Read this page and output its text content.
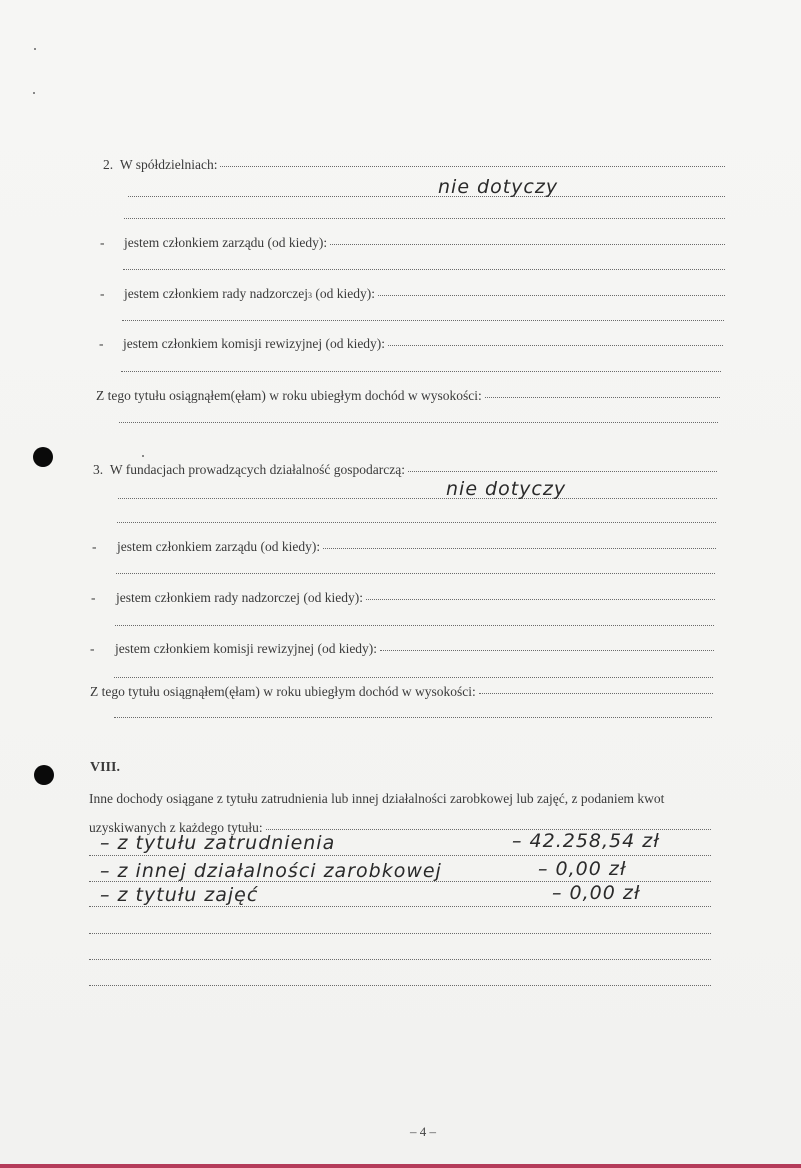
2.  W spółdzielniach:
nie dotyczy
-	jestem członkiem zarządu (od kiedy):
-	jestem członkiem rady nadzorczej 3 (od kiedy):
-	jestem członkiem komisji rewizyjnej (od kiedy):
Z tego tytułu osiągnąłem(ęłam) w roku ubiegłym dochód w wysokości:
3.  W fundacjach prowadzących działalność gospodarczą:
nie dotyczy
-	jestem członkiem zarządu (od kiedy):
-	jestem członkiem rady nadzorczej (od kiedy):
-	jestem członkiem komisji rewizyjnej (od kiedy):
Z tego tytułu osiągnąłem(ęłam) w roku ubiegłym dochód w wysokości:
VIII.
Inne dochody osiągane z tytułu zatrudnienia lub innej działalności zarobkowej lub zajęć, z podaniem kwot
uzyskiwanych z każdego tytułu:
– z tytułu zatrudnienia	– 42.258,54 zł
– z innej działalności zarobkowej	– 0,00 zł
– z tytułu zajęć	– 0,00 zł
– 4 –
